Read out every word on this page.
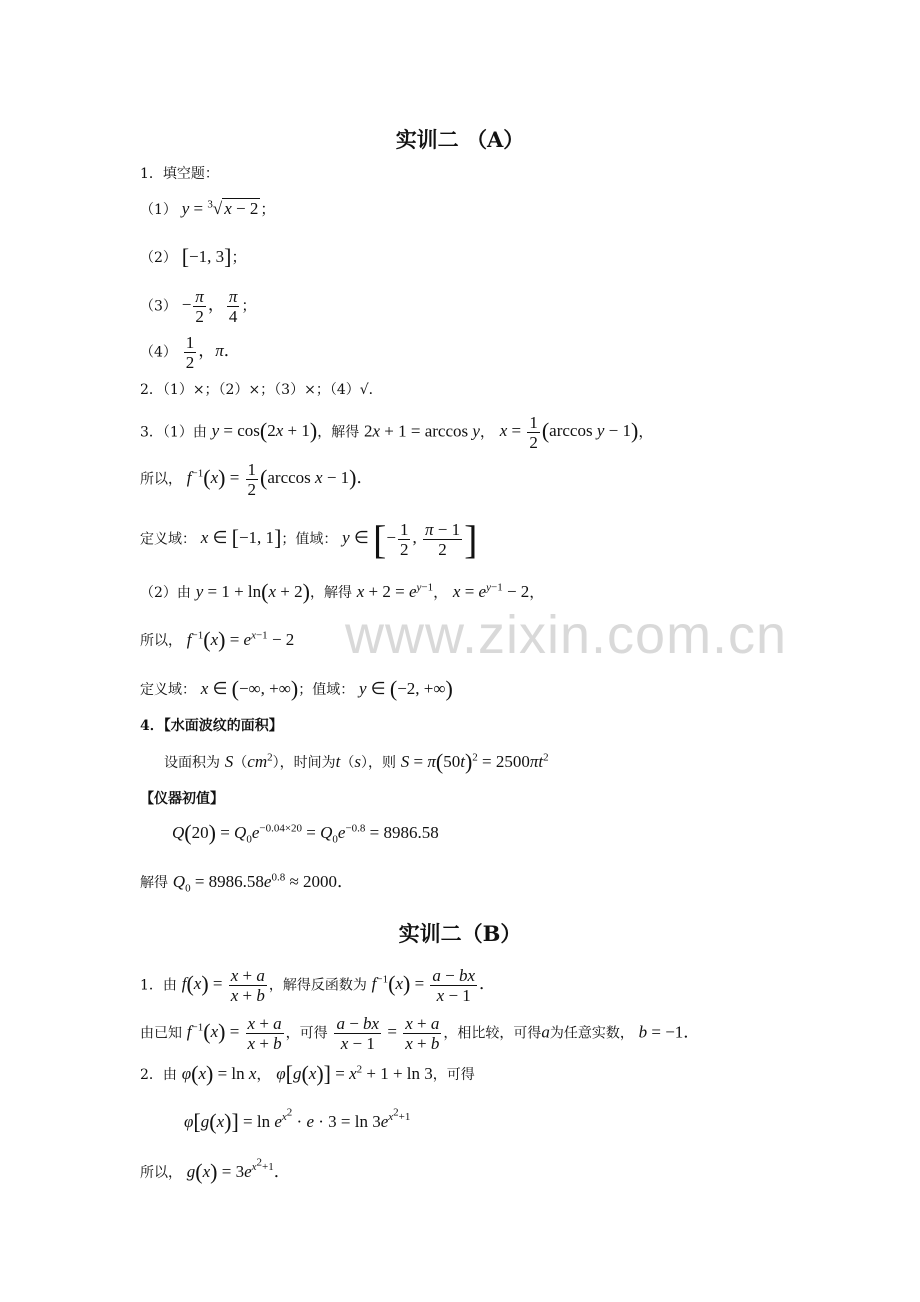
实训二 （A）
1．填空题：
（1） y = $^3$√ x − 2 ；
（2） [−1, 3]；
$(3) - \frac{\pi}{2}$ ， $\frac{\pi}{4}$ ；
$(4) \frac{1}{2}$ ，π．
2．（1）×；（2）×；（3）×；（4）√．
3．（1）由 y = cos(2x + 1)，解得 2x + 1 = arccos y， $x = \frac{1}{2} (\arccos$ y − 1)，
所以， $f^{-1}(x) = \frac{1}{2} (\arccos$ x − 1)．
定义域： x ∈ [−1, 1]；值域： y ∈ [− $\frac{1}{2}$ , $\frac{\pi - 1}{2}$ ]
（2）由 y = 1 + ln(x + 2)，解得 $x + 2 = e^{y-1}$， $x = e^{y-1} - 2$，
所以， $f^{-1}(x) = e^{x-1} - 2$
定义域： x ∈ (−∞, +∞)；值域： y ∈ (−2, +∞)
4．【水面波纹的面积】
设面积为 $S(cm^2)$，时间为t（s），则 $S = \pi(50t)^2 = 2500\pi t^2$
【仪器初值】
$Q(20) = Q_0e^{-0.04\times 20} = Q_0e^{-0.8} = 8986.58$
解得 $Q_0 = 8986.58e^{0.8} \approx 2000$．
实训二（B）
1．由 $f(x) = \frac{x + a}{x + b}$ ，解得反函数为 $f^{-1}(x) = \frac{a - bx}{x - 1}$ ．
由已知 $f^{-1}(x) = \frac{x + a}{x + b}$ ，可得 $\frac{a - bx}{x - 1} = \frac{x + a}{x + b}$ ，相比较，可得a为任意实数， b = −1．
2．由 φ(x) = ln x， $\varphi[g(x)] = x^2 + 1 + \ln 3$，可得
$\varphi[g(x)] = \ln e^{x^2} \cdot e \cdot 3 = \ln 3e^{x^2+1}$
所以， $g(x) = 3e^{x^2+1}$．
www.zixin.com.cn
